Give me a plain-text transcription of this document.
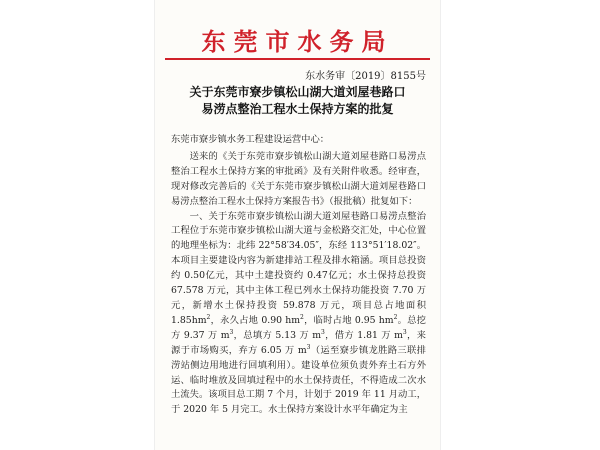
东莞市水务局
东水务审〔2019〕8155号
关于东莞市寮步镇松山湖大道刘屋巷路口
易涝点整治工程水土保持方案的批复

东莞市寮步镇水务工程建设运营中心：

送来的《关于东莞市寮步镇松山湖大道刘屋巷路口易涝点整治工程水土保持方案的审批函》及有关附件收悉。经审查，现对修改完善后的《关于东莞市寮步镇松山湖大道刘屋巷路口易涝点整治工程水土保持方案报告书》（报批稿）批复如下：

一、关于东莞市寮步镇松山湖大道刘屋巷路口易涝点整治工程位于东莞市寮步镇松山湖大道与金松路交汇处，中心位置的地理坐标为：北纬 22°58′34.05″，东经 113°51′18.02″。本项目主要建设内容为新建排站工程及排水箱涵。项目总投资约 0.50亿元，其中土建投资约 0.47亿元；水土保持总投资 67.578 万元，其中主体工程已列水土保持功能投资 7.70 万元，新增水土保持投资 59.878 万元，项目总占地面积 $1.85hm^2$，永久占地 0.90 $hm^2$，临时占地 0.95 $hm^2$。总挖方 9.37 万 $m^3$，总填方 5.13 万 $m^3$，借方 1.81 万 $m^3$，来源于市场购买，弃方 6.05 万 $m^3$（运至寮步镇龙胜路三联排涝站侧边用地进行回填利用）。建设单位须负责外弃土石方外运、临时堆放及回填过程中的水土保持责任，不得造成二次水土流失。该项目总工期 7 个月，计划于 2019 年 11 月动工，于 2020 年 5 月完工。水土保持方案设计水平年确定为主
